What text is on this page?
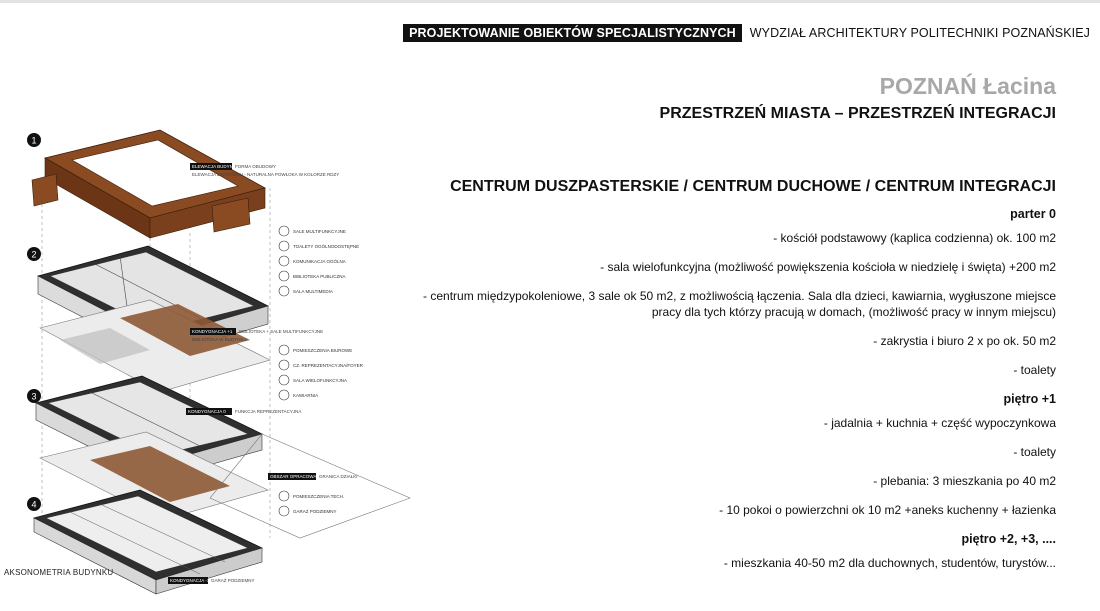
PROJEKTOWANIE OBIEKTÓW SPECJALISTYCZNYCH	WYDZIAŁ ARCHITEKTURY POLITECHNIKI POZNAŃSKIEJ
POZNAŃ Łacina
PRZESTRZEŃ MIASTA – PRZESTRZEŃ INTEGRACJI
CENTRUM DUSZPASTERSKIE / CENTRUM DUCHOWE / CENTRUM INTEGRACJI
parter 0
- kościół podstawowy (kaplica codzienna) ok. 100 m2
- sala wielofunkcyjna (możliwość powiększenia kościoła w niedzielę i święta) +200 m2
- centrum międzypokoleniowe, 3 sale ok 50 m2, z możliwością łączenia. Sala dla dzieci, kawiarnia, wygłuszone miejsce pracy dla tych którzy pracują w domach, (możliwość pracy w innym miejscu)
- zakrystia i biuro 2 x po ok. 50 m2
- toalety
piętro +1
- jadalnia + kuchnia + część wypoczynkowa
- toalety
- plebania: 3 mieszkania po 40 m2
- 10 pokoi o powierzchni ok 10 m2 +aneks kuchenny + łazienka
piętro +2, +3, ....
- mieszkania 40-50 m2 dla duchownych, studentów, turystów...
1
2
3
4
ELEWACJA BUDYNKU
FORMA OBUDOWY
ELEWACJA Z KORTENU - NATURALNA POWŁOKA W KOLORZE RDZY
KONDYGNACJA +1 BIBLIOTEKA + SALE MULTIFUNKCYJNE
BIBLIOTEKA W BUDYNKU
KONDYGNACJA 0 FUNKCJA REPREZENTACYJNA
OBSZAR OPRACOWANIA
GRANICA DZIAŁKI
KONDYGNACJA -1 GARAŻ PODZIEMNY
SALE MULTIFUNKCYJNE
TOALETY OGÓLNODOSTĘPNE
KOMUNIKACJA OGÓLNA
BIBLIOTEKA PUBLICZNA
SALA MULTIMEDIA
POMIESZCZENIA BIUROWE
CZ. REPREZENTACYJNA/FOYER
SALA WIELOFUNKCYJNA
KAWIARNIA
POMIESZCZENIA TECH.
GARAŻ PODZIEMNY
AKSONOMETRIA BUDYNKU
